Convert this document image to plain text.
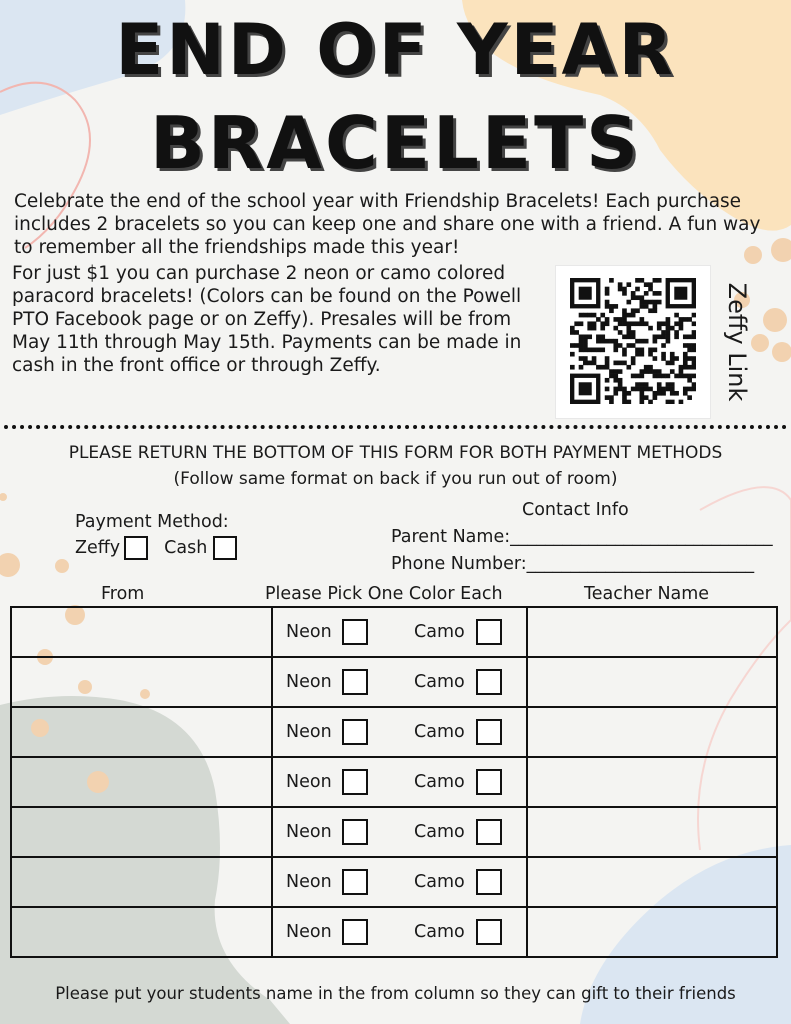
END OF YEAR
BRACELETS
Celebrate the end of the school year with Friendship Bracelets! Each purchase includes 2 bracelets so you can keep one and share one with a friend. A fun way to remember all the friendships made this year!
For just $1 you can purchase 2 neon or camo colored paracord bracelets! (Colors can be found on the Powell PTO Facebook page or on Zeffy). Presales will be from May 11th through May 15th. Payments can be made in cash in the front office or through Zeffy.	Zeffy Link
PLEASE RETURN THE BOTTOM OF THIS FORM FOR BOTH PAYMENT METHODS
(Follow same format on back if you run out of room)
Payment Method:
Zeffy	Cash
Contact Info
Parent Name:______________________________
Phone Number:__________________________
From	Please Pick One Color Each	Teacher Name

	Neon Camo	

	Neon Camo	

	Neon Camo	

	Neon Camo	

	Neon Camo	

	Neon Camo	

	Neon Camo	

Please put your students name in the from column so they can gift to their friends
